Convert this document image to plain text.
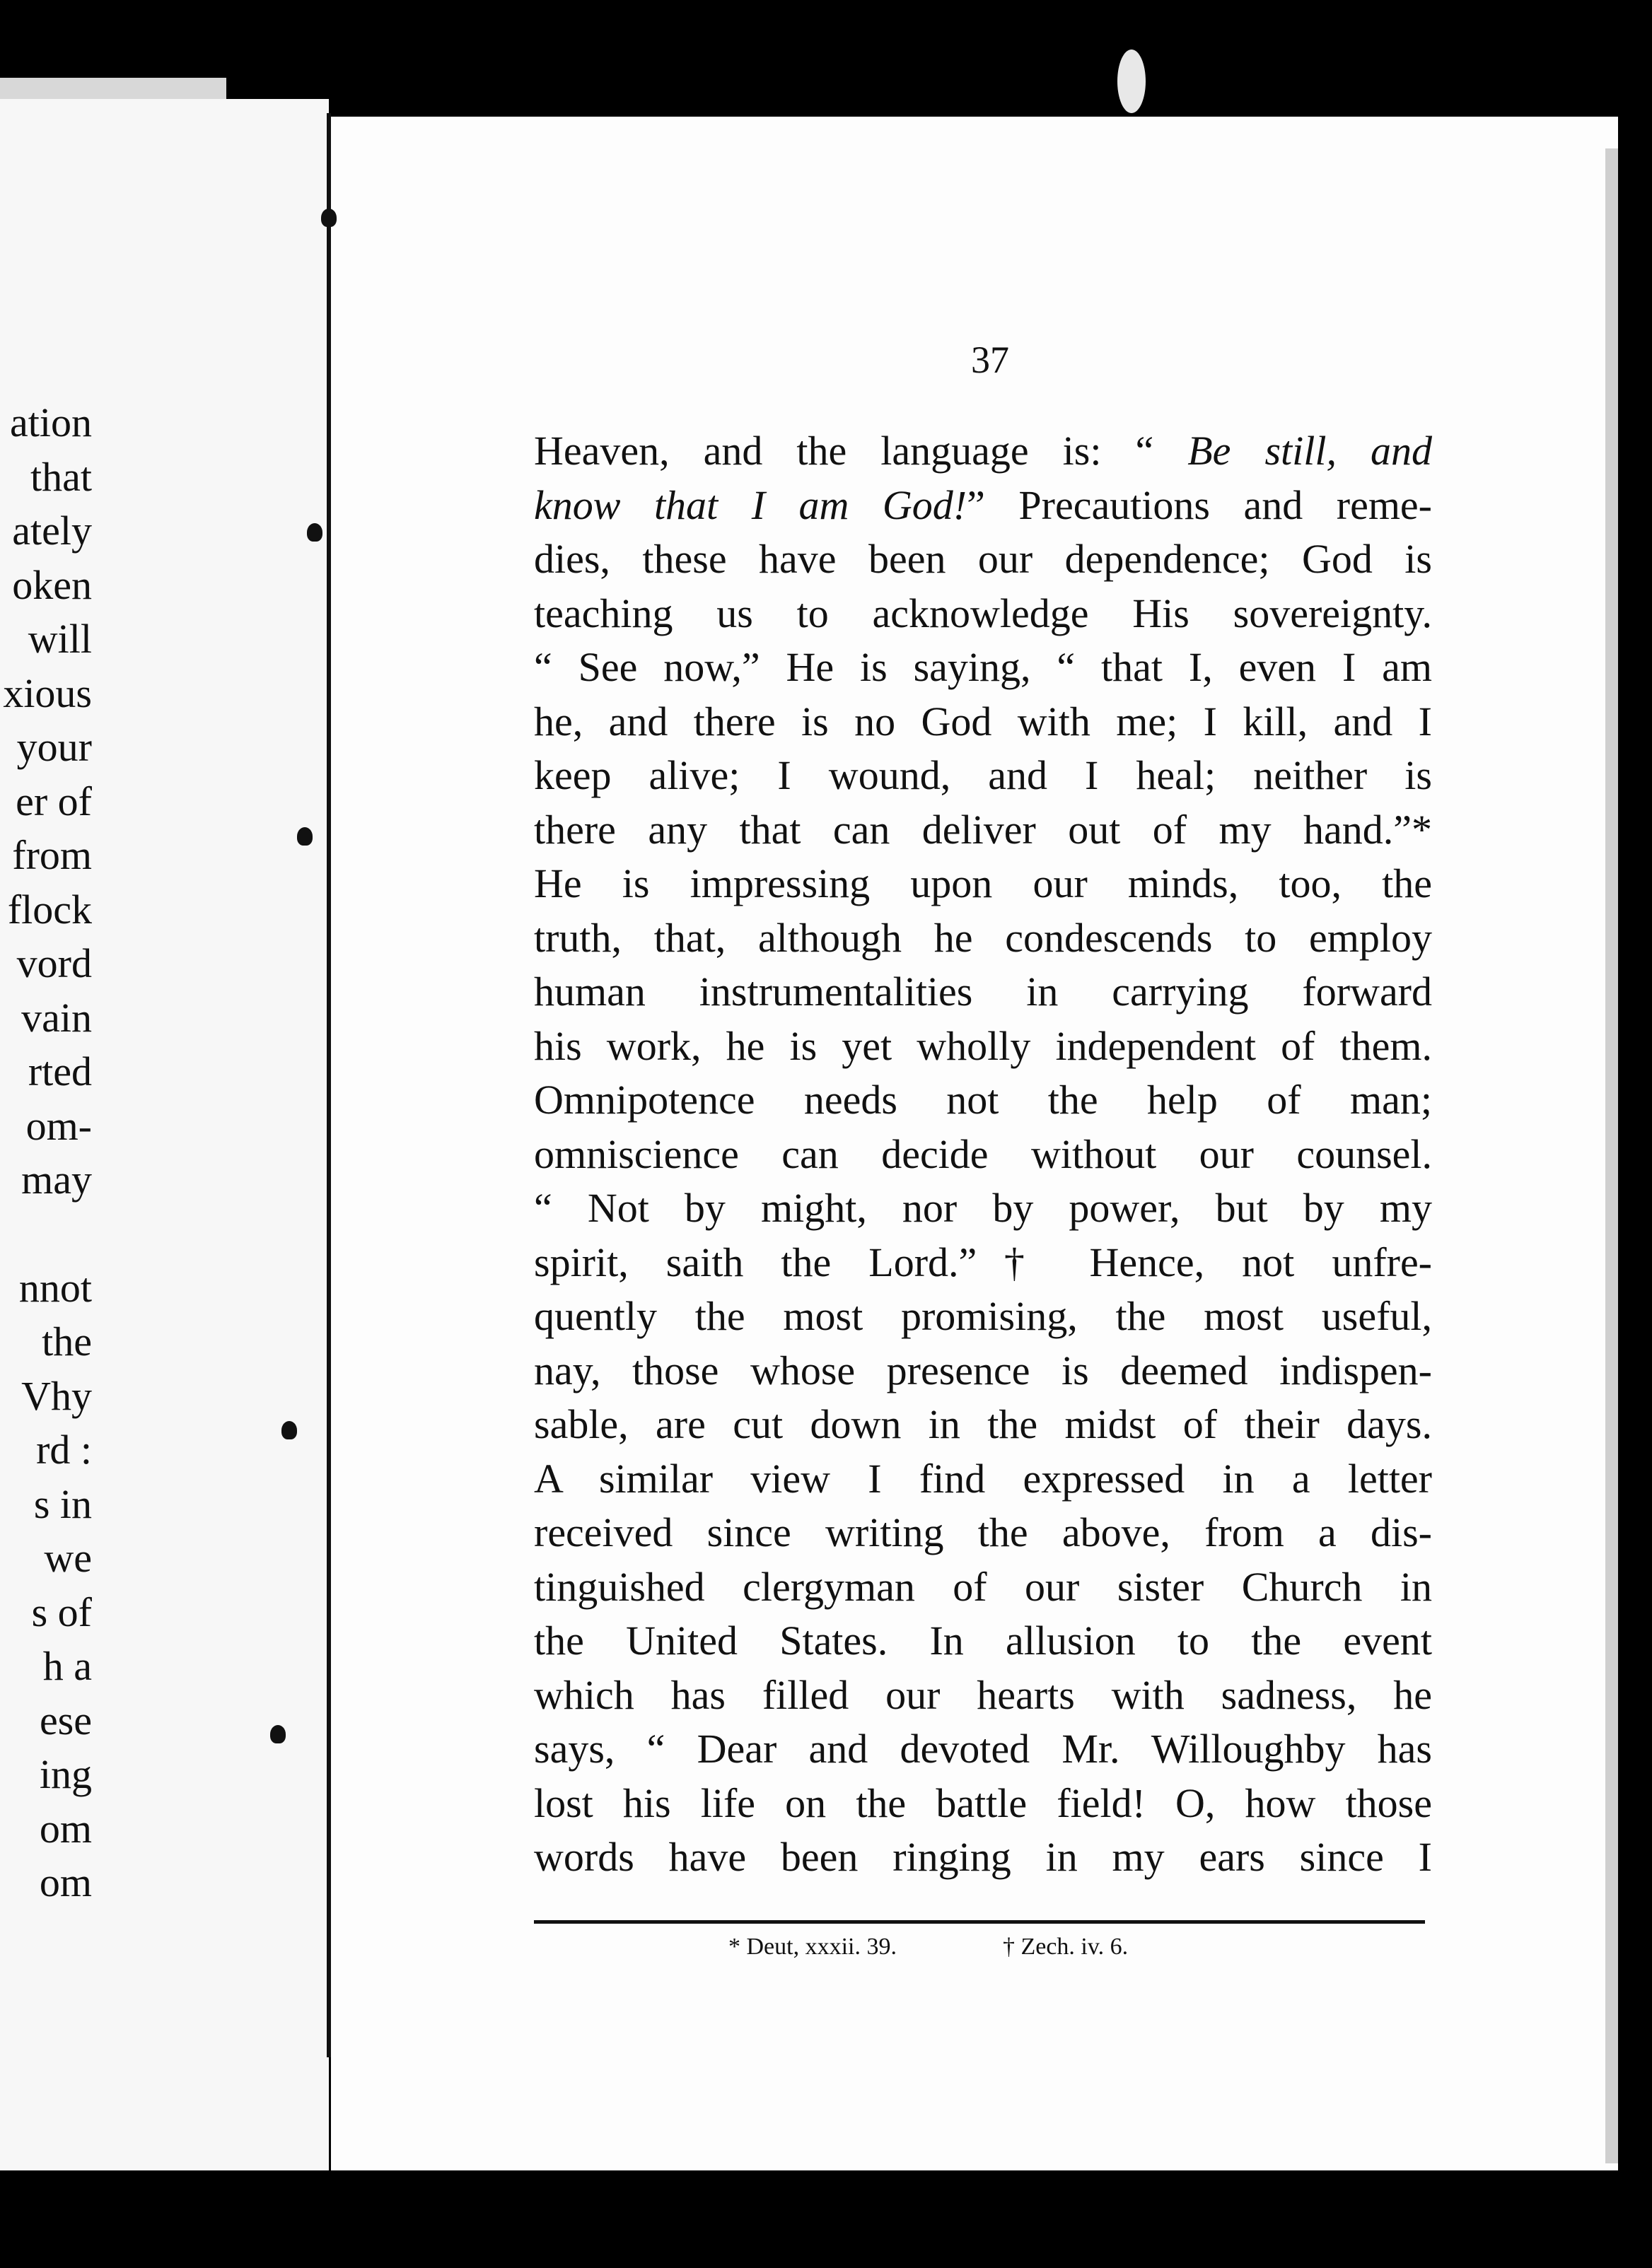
ation
that
ately
oken
will
xious
your
er of
from
flock
vord
vain
rted
om-
may
nnot
the
Vhy
rd :
s in
we
s of
h a
ese
ing
om
om
37
Heaven, and the language is: “ Be still, and
know that I am God!” Precautions and reme-
dies, these have been our dependence; God is
teaching us to acknowledge His sovereignty.
“ See now,” He is saying, “ that I, even I am
he, and there is no God with me; I kill, and I
keep alive; I wound, and I heal; neither is
there any that can deliver out of my hand.”*
He is impressing upon our minds, too, the
truth, that, although he condescends to employ
human instrumentalities in carrying forward
his work, he is yet wholly independent of them.
Omnipotence needs not the help of man;
omniscience can decide without our counsel.
“ Not by might, nor by power, but by my
spirit, saith the Lord.”† Hence, not unfre-
quently the most promising, the most useful,
nay, those whose presence is deemed indispen-
sable, are cut down in the midst of their days.
A similar view I find expressed in a letter
received since writing the above, from a dis-
tinguished clergyman of our sister Church in
the United States. In allusion to the event
which has filled our hearts with sadness, he
says, “ Dear and devoted Mr. Willoughby has
lost his life on the battle field! O, how those
words have been ringing in my ears since I
* Deut, xxxii. 39.	† Zech. iv. 6.
